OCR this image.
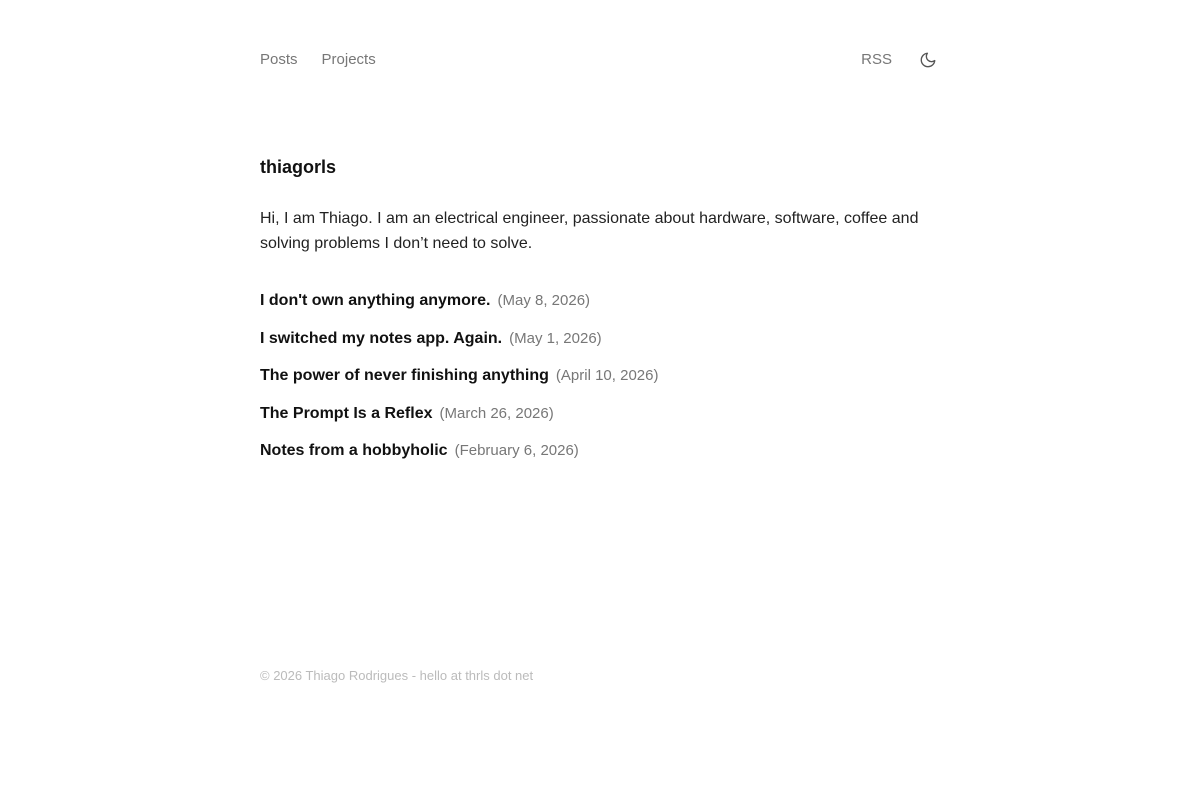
Posts Projects	RSS
thiagorls

Hi, I am Thiago. I am an electrical engineer, passionate about hardware, software, coffee and solving problems I don’t need to solve.

I don't own anything anymore. (May 8, 2026)
I switched my notes app. Again. (May 1, 2026)
The power of never finishing anything (April 10, 2026)
The Prompt Is a Reflex (March 26, 2026)
Notes from a hobbyholic (February 6, 2026)
© 2026 Thiago Rodrigues - hello at thrls dot net
